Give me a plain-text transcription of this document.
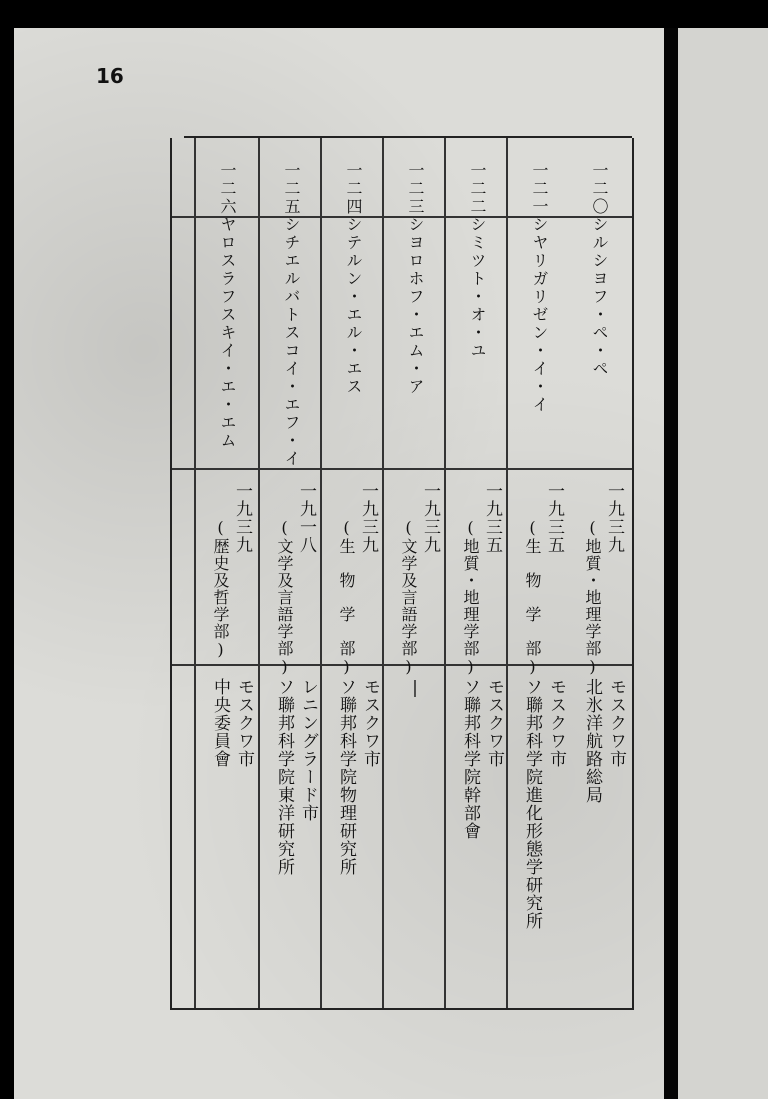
16
一二〇シルシヨフ・ペ・ペ
一九三九
(地質・地理学部)
モスクワ市
北氷洋航路総局
一二一シヤリガリゼン・イ・イ
一九三五
(生　物　学　部)
モスクワ市
ソ聯邦科学院進化形態学研究所
一二二シミツト・オ・ユ
一九三五
(地質・地理学部)
モスクワ市
ソ聯邦科学院幹部會
一二三シヨロホフ・エム・ア
一九三九
(文学及言語学部)
|
一二四シテルン・エル・エス
一九三九
(生　物　学　部)
モスクワ市
ソ聯邦科学院物理研究所
一二五シチエルバトスコイ・エフ・イ
一九一八
(文学及言語学部)
レニングラード市
ソ聯邦科学院東洋研究所
一二六ヤロスラフスキイ・エ・エム
一九三九
(歴史及哲学部)
モスクワ市
中央委員會
